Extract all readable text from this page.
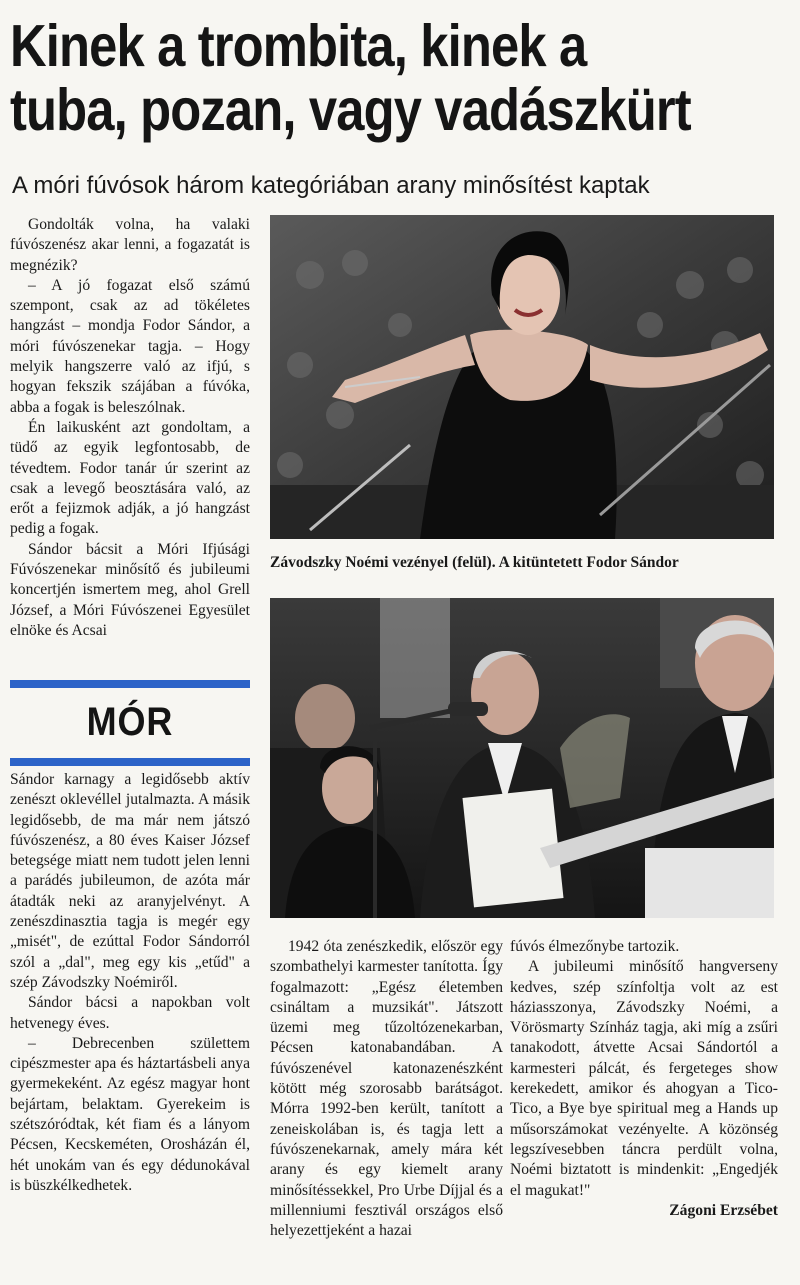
Kinek a trombita, kinek a
tuba, pozan, vagy vadászkürt
A móri fúvósok három kategóriában arany minősítést kaptak

Gondolták volna, ha valaki fúvószenész akar lenni, a fogazatát is megnézik?

– A jó fogazat első számú szempont, csak az ad tökéletes hangzást – mondja Fodor Sándor, a móri fúvószenekar tagja. – Hogy melyik hangszerre való az ifjú, s hogyan fekszik szájában a fúvóka, abba a fogak is beleszólnak.

Én laikusként azt gondoltam, a tüdő az egyik legfontosabb, de tévedtem. Fodor tanár úr szerint az csak a levegő beosztására való, az erőt a fejizmok adják, a jó hangzást pedig a fogak.

Sándor bácsit a Móri Ifjúsági Fúvószenekar minősítő és jubileumi koncertjén ismertem meg, ahol Grell József, a Móri Fúvószenei Egyesület elnöke és Acsai

MÓR

Sándor karnagy a legidősebb aktív zenészt oklevéllel jutalmazta. A másik legidősebb, de ma már nem játszó fúvószenész, a 80 éves Kaiser József betegsége miatt nem tudott jelen lenni a parádés jubileumon, de azóta már átadták neki az aranyjelvényt. A zenészdinasztia tagja is megér egy „misét", de ezúttal Fodor Sándorról szól a „dal", meg egy kis „etűd" a szép Závodszky Noémiről.

Sándor bácsi a napokban volt hetvenegy éves.

– Debrecenben születtem cipészmester apa és háztartásbeli anya gyermekeként. Az egész magyar hont bejártam, belaktam. Gyerekeim is szétszóródtak, két fiam és a lányom Pécsen, Kecskeméten, Orosházán él, hét unokám van és egy dédunokával is büszkélkedhetek.

Závodszky Noémi vezényel (felül). A kitüntetett Fodor Sándor

1942 óta zenészkedik, először egy szombathelyi karmester tanította. Így fogalmazott: „Egész életemben csináltam a muzsikát". Játszott üzemi meg tűzoltózenekarban, Pécsen katonabandában. A fúvószenével katonazenészként kötött még szorosabb barátságot. Mórra 1992-ben került, tanított a zeneiskolában is, és tagja lett a fúvószenekarnak, amely mára két arany és egy kiemelt arany minősítéssekkel, Pro Urbe Díjjal és a millenniumi fesztivál országos első helyezettjeként a hazai

fúvós élmezőnybe tartozik.

A jubileumi minősítő hangverseny kedves, szép színfoltja volt az est háziasszonya, Závodszky Noémi, a Vörösmarty Színház tagja, aki míg a zsűri tanakodott, átvette Acsai Sándortól a karmesteri pálcát, és fergeteges show kerekedett, amikor és ahogyan a Tico-Tico, a Bye bye spiritual meg a Hands up műsorszámokat vezényelte. A közönség legszívesebben táncra perdült volna, Noémi biztatott is mindenkit: „Engedjék el magukat!"

Zágoni Erzsébet
